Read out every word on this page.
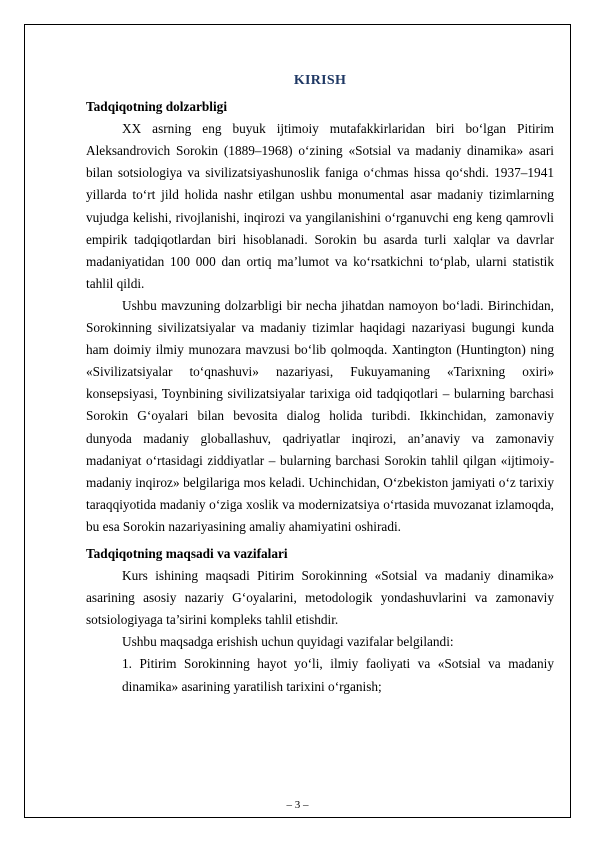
KIRISH
Tadqiqotning dolzarbligi

XX asrning eng buyuk ijtimoiy mutafakkirlaridan biri bo‘lgan Pitirim Aleksandrovich Sorokin (1889–1968) o‘zining «Sotsial va madaniy dinamika» asari bilan sotsiologiya va sivilizatsiyashunoslik faniga o‘chmas hissa qo‘shdi. 1937–1941 yillarda to‘rt jild holida nashr etilgan ushbu monumental asar madaniy tizimlarning vujudga kelishi, rivojlanishi, inqirozi va yangilanishini o‘rganuvchi eng keng qamrovli empirik tadqiqotlardan biri hisoblanadi. Sorokin bu asarda turli xalqlar va davrlar madaniyatidan 100 000 dan ortiq ma’lumot va ko‘rsatkichni to‘plab, ularni statistik tahlil qildi.

Ushbu mavzuning dolzarbligi bir necha jihatdan namoyon bo‘ladi. Birinchidan, Sorokinning sivilizatsiyalar va madaniy tizimlar haqidagi nazariyasi bugungi kunda ham doimiy ilmiy munozara mavzusi bo‘lib qolmoqda. Xantington (Huntington) ning «Sivilizatsiyalar to‘qnashuvi» nazariyasi, Fukuyamaning «Tarixning oxiri» konsepsiyasi, Toynbining sivilizatsiyalar tarixiga oid tadqiqotlari – bularning barchasi Sorokin G‘oyalari bilan bevosita dialog holida turibdi. Ikkinchidan, zamonaviy dunyoda madaniy globallashuv, qadriyatlar inqirozi, an’anaviy va zamonaviy madaniyat o‘rtasidagi ziddiyatlar – bularning barchasi Sorokin tahlil qilgan «ijtimoiy-madaniy inqiroz» belgilariga mos keladi. Uchinchidan, O‘zbekiston jamiyati o‘z tarixiy taraqqiyotida madaniy o‘ziga xoslik va modernizatsiya o‘rtasida muvozanat izlamoqda, bu esa Sorokin nazariyasining amaliy ahamiyatini oshiradi.

Tadqiqotning maqsadi va vazifalari

Kurs ishining maqsadi Pitirim Sorokinning «Sotsial va madaniy dinamika» asarining asosiy nazariy G‘oyalarini, metodologik yondashuvlarini va zamonaviy sotsiologiyaga ta’sirini kompleks tahlil etishdir.

Ushbu maqsadga erishish uchun quyidagi vazifalar belgilandi:

1. Pitirim Sorokinning hayot yo‘li, ilmiy faoliyati va «Sotsial va madaniy dinamika» asarining yaratilish tarixini o‘rganish;
– 3 –
